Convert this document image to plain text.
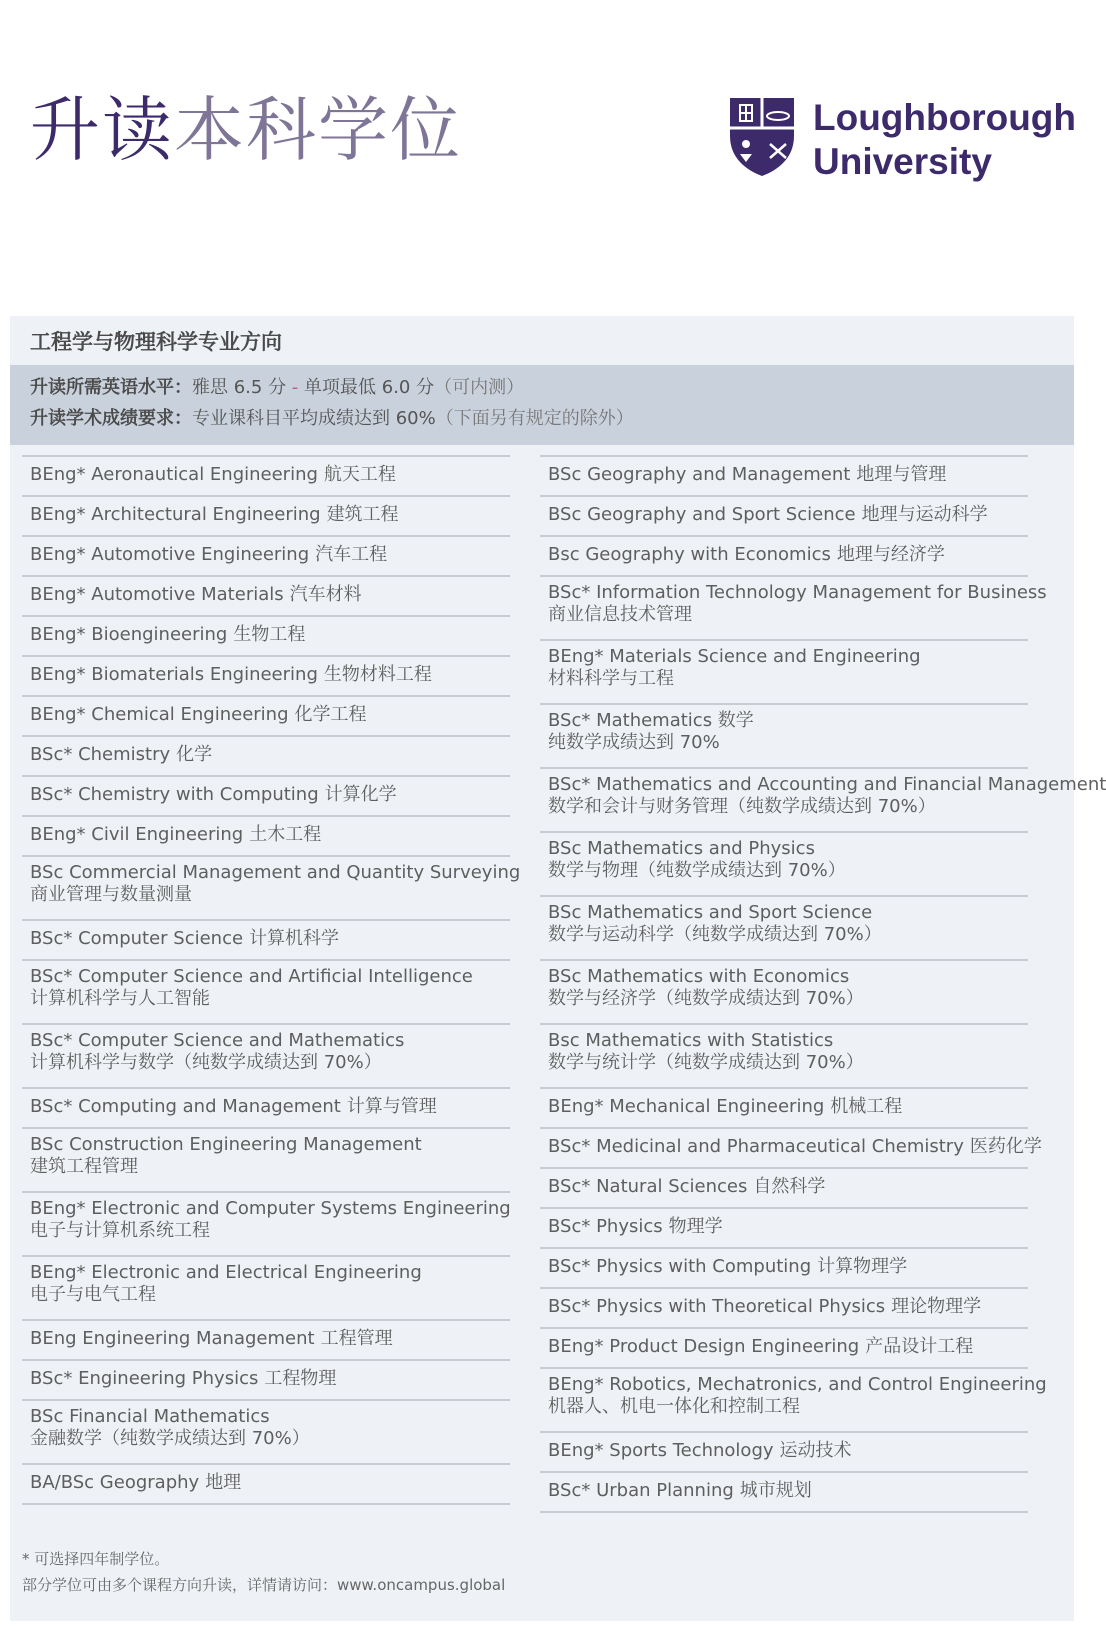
升读本科学位	Loughborough
University
工程学与物理科学专业方向
升读所需英语水平：雅思 6.5 分 - 单项最低 6.0 分（可内测）
升读学术成绩要求：专业课科目平均成绩达到 60%（下面另有规定的除外）
BEng* Aeronautical Engineering 航天工程
BEng* Architectural Engineering 建筑工程
BEng* Automotive Engineering 汽车工程
BEng* Automotive Materials 汽车材料
BEng* Bioengineering 生物工程
BEng* Biomaterials Engineering 生物材料工程
BEng* Chemical Engineering 化学工程
BSc* Chemistry 化学
BSc* Chemistry with Computing 计算化学
BEng* Civil Engineering 土木工程
BSc Commercial Management and Quantity Surveying
商业管理与数量测量
BSc* Computer Science 计算机科学
BSc* Computer Science and Artificial Intelligence
计算机科学与人工智能
BSc* Computer Science and Mathematics
计算机科学与数学（纯数学成绩达到 70%）
BSc* Computing and Management 计算与管理
BSc Construction Engineering Management
建筑工程管理
BEng* Electronic and Computer Systems Engineering
电子与计算机系统工程
BEng* Electronic and Electrical Engineering
电子与电气工程
BEng Engineering Management 工程管理
BSc* Engineering Physics 工程物理
BSc Financial Mathematics
金融数学（纯数学成绩达到 70%）
BA/BSc Geography 地理
BSc Geography and Management 地理与管理
BSc Geography and Sport Science 地理与运动科学
Bsc Geography with Economics 地理与经济学
BSc* Information Technology Management for Business
商业信息技术管理
BEng* Materials Science and Engineering
材料科学与工程
BSc* Mathematics 数学
纯数学成绩达到 70%
BSc* Mathematics and Accounting and Financial Management
数学和会计与财务管理（纯数学成绩达到 70%）
BSc Mathematics and Physics
数学与物理（纯数学成绩达到 70%）
BSc Mathematics and Sport Science
数学与运动科学（纯数学成绩达到 70%）
BSc Mathematics with Economics
数学与经济学（纯数学成绩达到 70%）
Bsc Mathematics with Statistics
数学与统计学（纯数学成绩达到 70%）
BEng* Mechanical Engineering 机械工程
BSc* Medicinal and Pharmaceutical Chemistry 医药化学
BSc* Natural Sciences 自然科学
BSc* Physics 物理学
BSc* Physics with Computing 计算物理学
BSc* Physics with Theoretical Physics 理论物理学
BEng* Product Design Engineering 产品设计工程
BEng* Robotics, Mechatronics, and Control Engineering
机器人、机电一体化和控制工程
BEng* Sports Technology 运动技术
BSc* Urban Planning 城市规划
* 可选择四年制学位。
部分学位可由多个课程方向升读，详情请访问：www.oncampus.global
